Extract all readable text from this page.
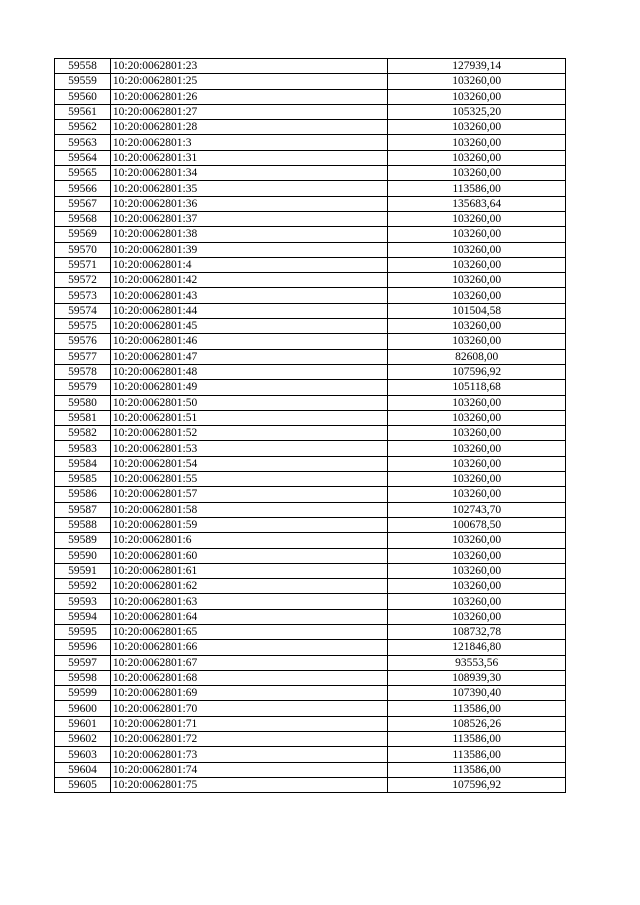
59558	10:20:0062801:23	127939,14
59559	10:20:0062801:25	103260,00
59560	10:20:0062801:26	103260,00
59561	10:20:0062801:27	105325,20
59562	10:20:0062801:28	103260,00
59563	10:20:0062801:3	103260,00
59564	10:20:0062801:31	103260,00
59565	10:20:0062801:34	103260,00
59566	10:20:0062801:35	113586,00
59567	10:20:0062801:36	135683,64
59568	10:20:0062801:37	103260,00
59569	10:20:0062801:38	103260,00
59570	10:20:0062801:39	103260,00
59571	10:20:0062801:4	103260,00
59572	10:20:0062801:42	103260,00
59573	10:20:0062801:43	103260,00
59574	10:20:0062801:44	101504,58
59575	10:20:0062801:45	103260,00
59576	10:20:0062801:46	103260,00
59577	10:20:0062801:47	82608,00
59578	10:20:0062801:48	107596,92
59579	10:20:0062801:49	105118,68
59580	10:20:0062801:50	103260,00
59581	10:20:0062801:51	103260,00
59582	10:20:0062801:52	103260,00
59583	10:20:0062801:53	103260,00
59584	10:20:0062801:54	103260,00
59585	10:20:0062801:55	103260,00
59586	10:20:0062801:57	103260,00
59587	10:20:0062801:58	102743,70
59588	10:20:0062801:59	100678,50
59589	10:20:0062801:6	103260,00
59590	10:20:0062801:60	103260,00
59591	10:20:0062801:61	103260,00
59592	10:20:0062801:62	103260,00
59593	10:20:0062801:63	103260,00
59594	10:20:0062801:64	103260,00
59595	10:20:0062801:65	108732,78
59596	10:20:0062801:66	121846,80
59597	10:20:0062801:67	93553,56
59598	10:20:0062801:68	108939,30
59599	10:20:0062801:69	107390,40
59600	10:20:0062801:70	113586,00
59601	10:20:0062801:71	108526,26
59602	10:20:0062801:72	113586,00
59603	10:20:0062801:73	113586,00
59604	10:20:0062801:74	113586,00
59605	10:20:0062801:75	107596,92
